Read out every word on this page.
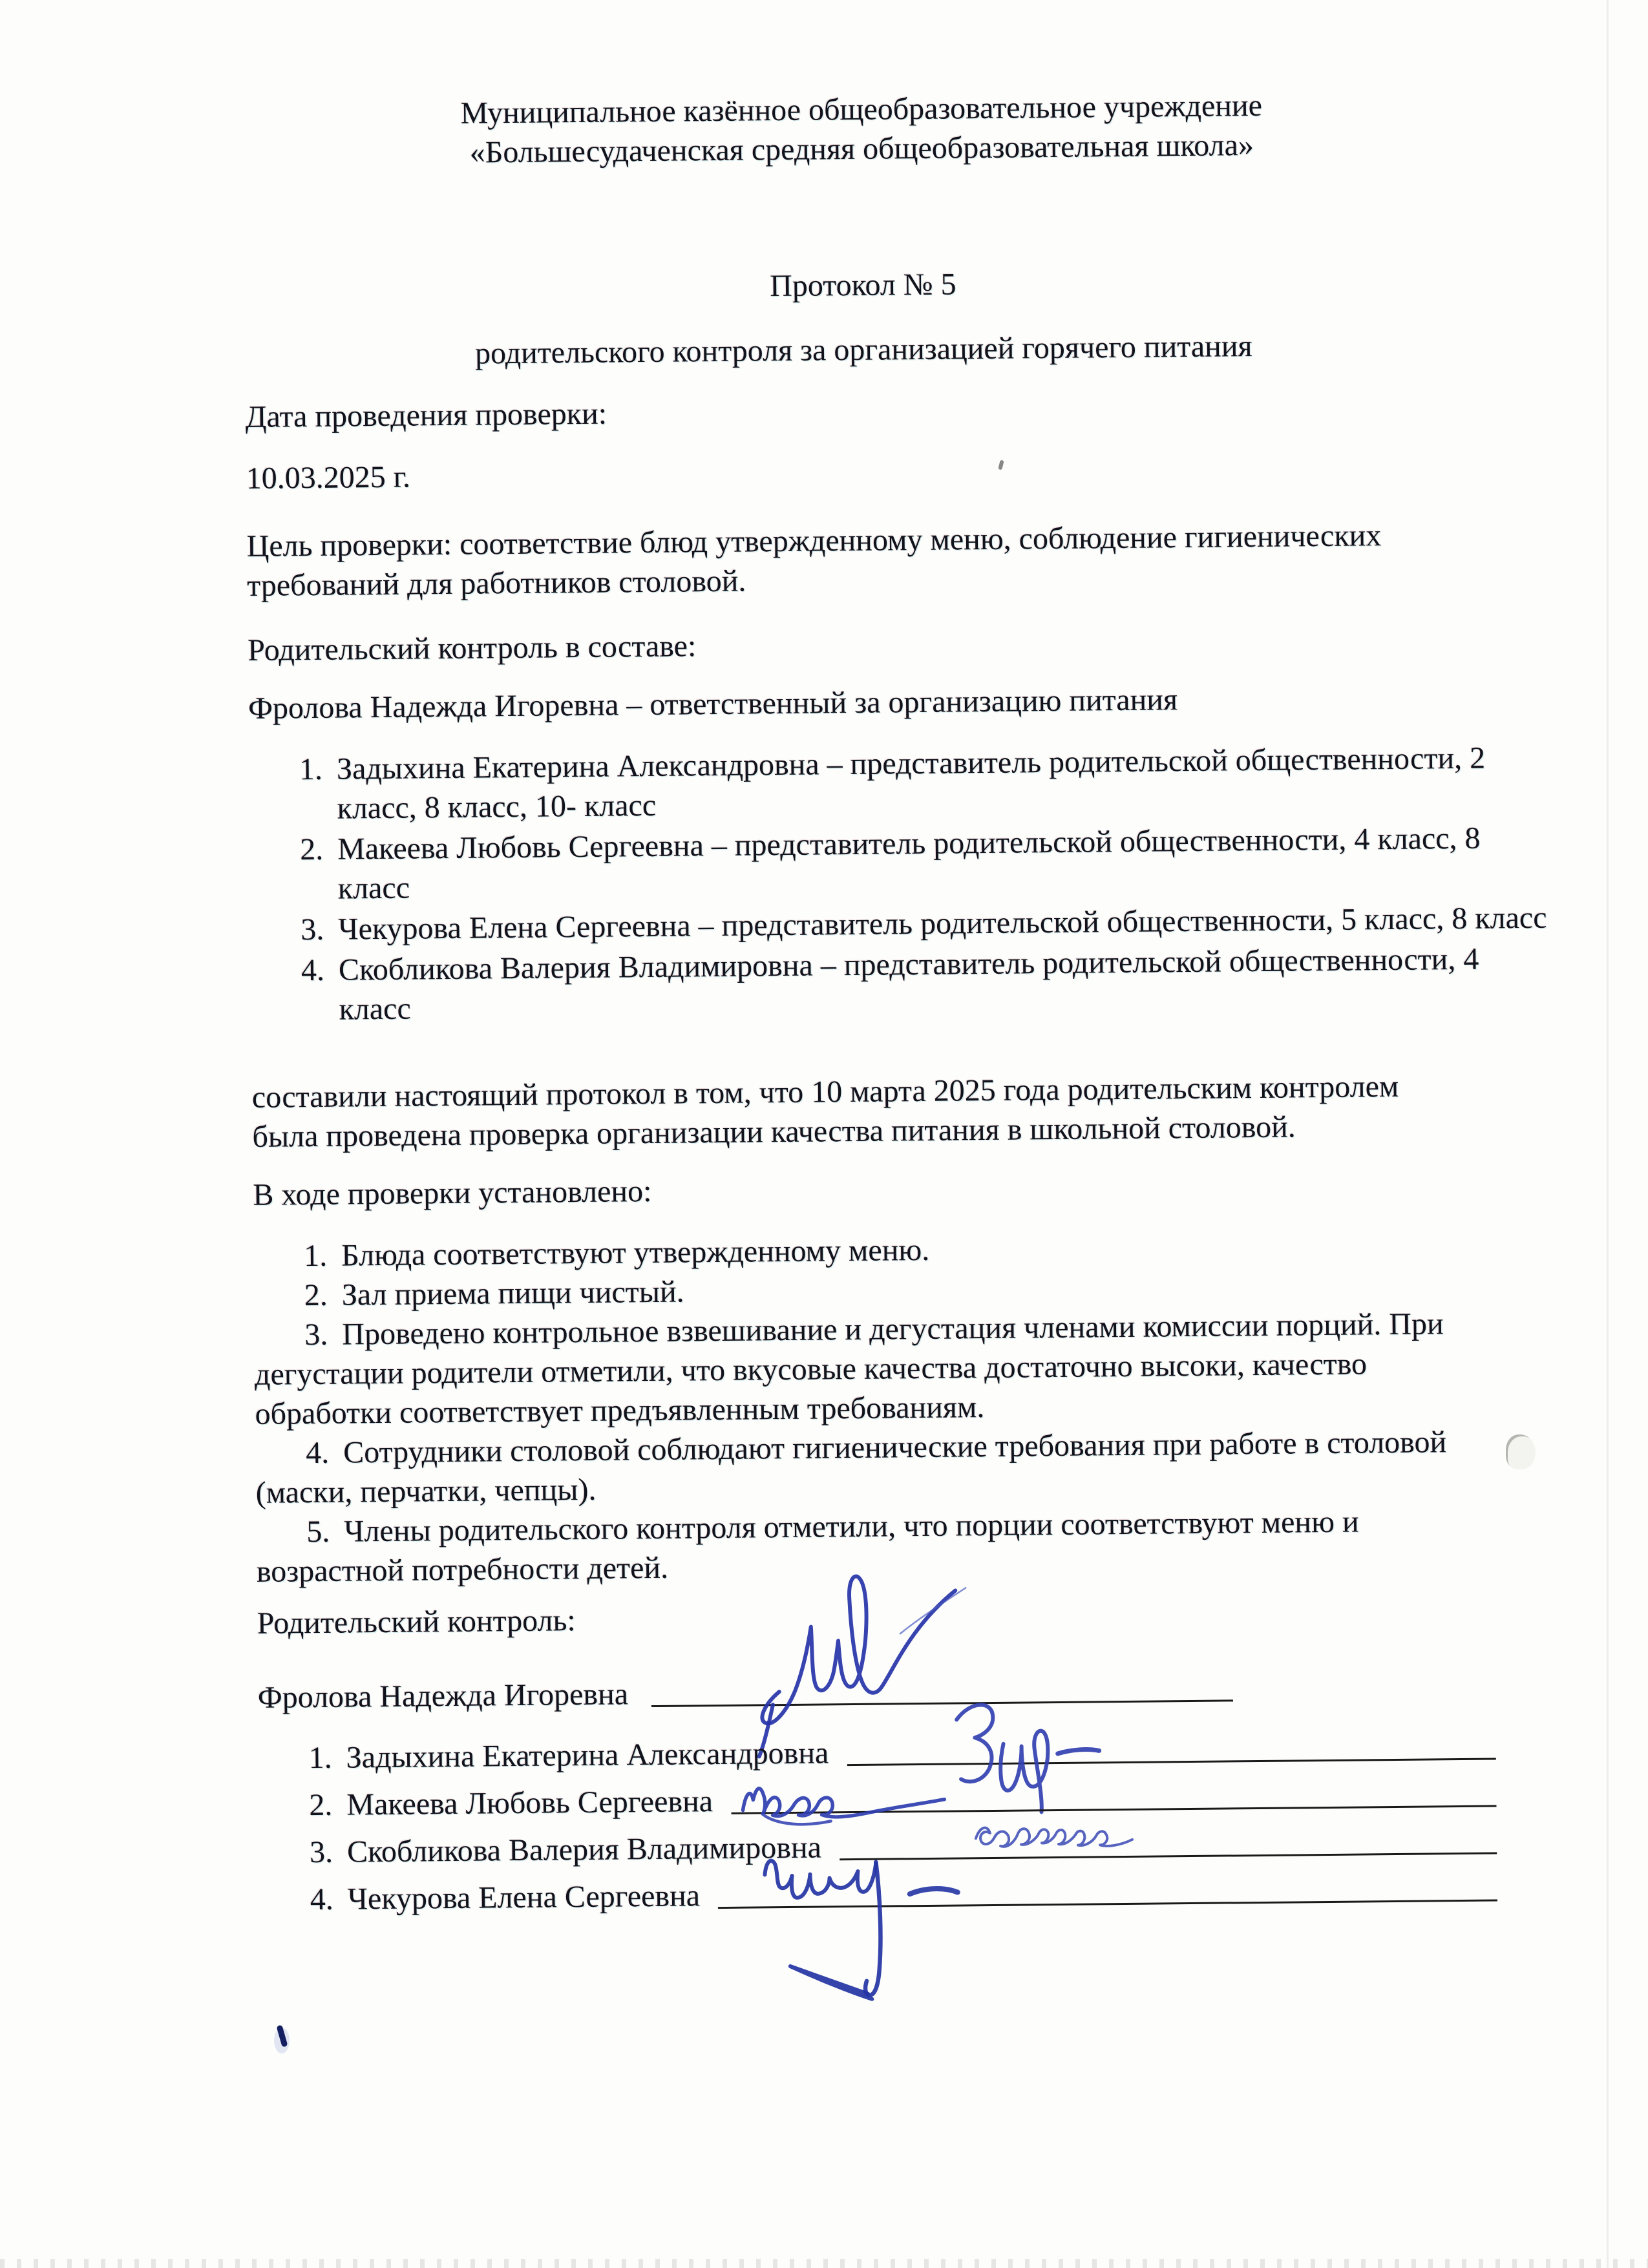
Муниципальное казённое общеобразовательное учреждение
«Большесудаченская средняя общеобразовательная школа»
Протокол № 5
родительского контроля за организацией горячего питания
Дата проведения проверки:
10.03.2025 г.
Цель проверки: соответствие блюд утвержденному меню, соблюдение гигиенических
требований для работников столовой.
Родительский контроль в составе:
Фролова Надежда Игоревна – ответственный за организацию питания
1. Задыхина Екатерина Александровна – представитель родительской общественности, 2
класс, 8 класс, 10- класс
2. Макеева Любовь Сергеевна – представитель родительской общественности, 4 класс, 8
класс
3. Чекурова Елена Сергеевна – представитель родительской общественности, 5 класс, 8 класс
4. Скобликова Валерия Владимировна – представитель родительской общественности, 4
класс
составили настоящий протокол в том, что 10 марта 2025 года родительским контролем
была проведена проверка организации качества питания в школьной столовой.
В ходе проверки установлено:
1. Блюда соответствуют утвержденному меню.
2. Зал приема пищи чистый.
3. Проведено контрольное взвешивание и дегустация членами комиссии порций. При
дегустации родители отметили, что вкусовые качества достаточно высоки, качество
обработки соответствует предъявленным требованиям.
4. Сотрудники столовой соблюдают гигиенические требования при работе в столовой
(маски, перчатки, чепцы).
5. Члены родительского контроля отметили, что порции соответствуют меню и
возрастной потребности детей.
Родительский контроль:
Фролова Надежда Игоревна
1. Задыхина Екатерина Александровна
2. Макеева Любовь Сергеевна
3. Скобликова Валерия Владимировна
4. Чекурова Елена Сергеевна
